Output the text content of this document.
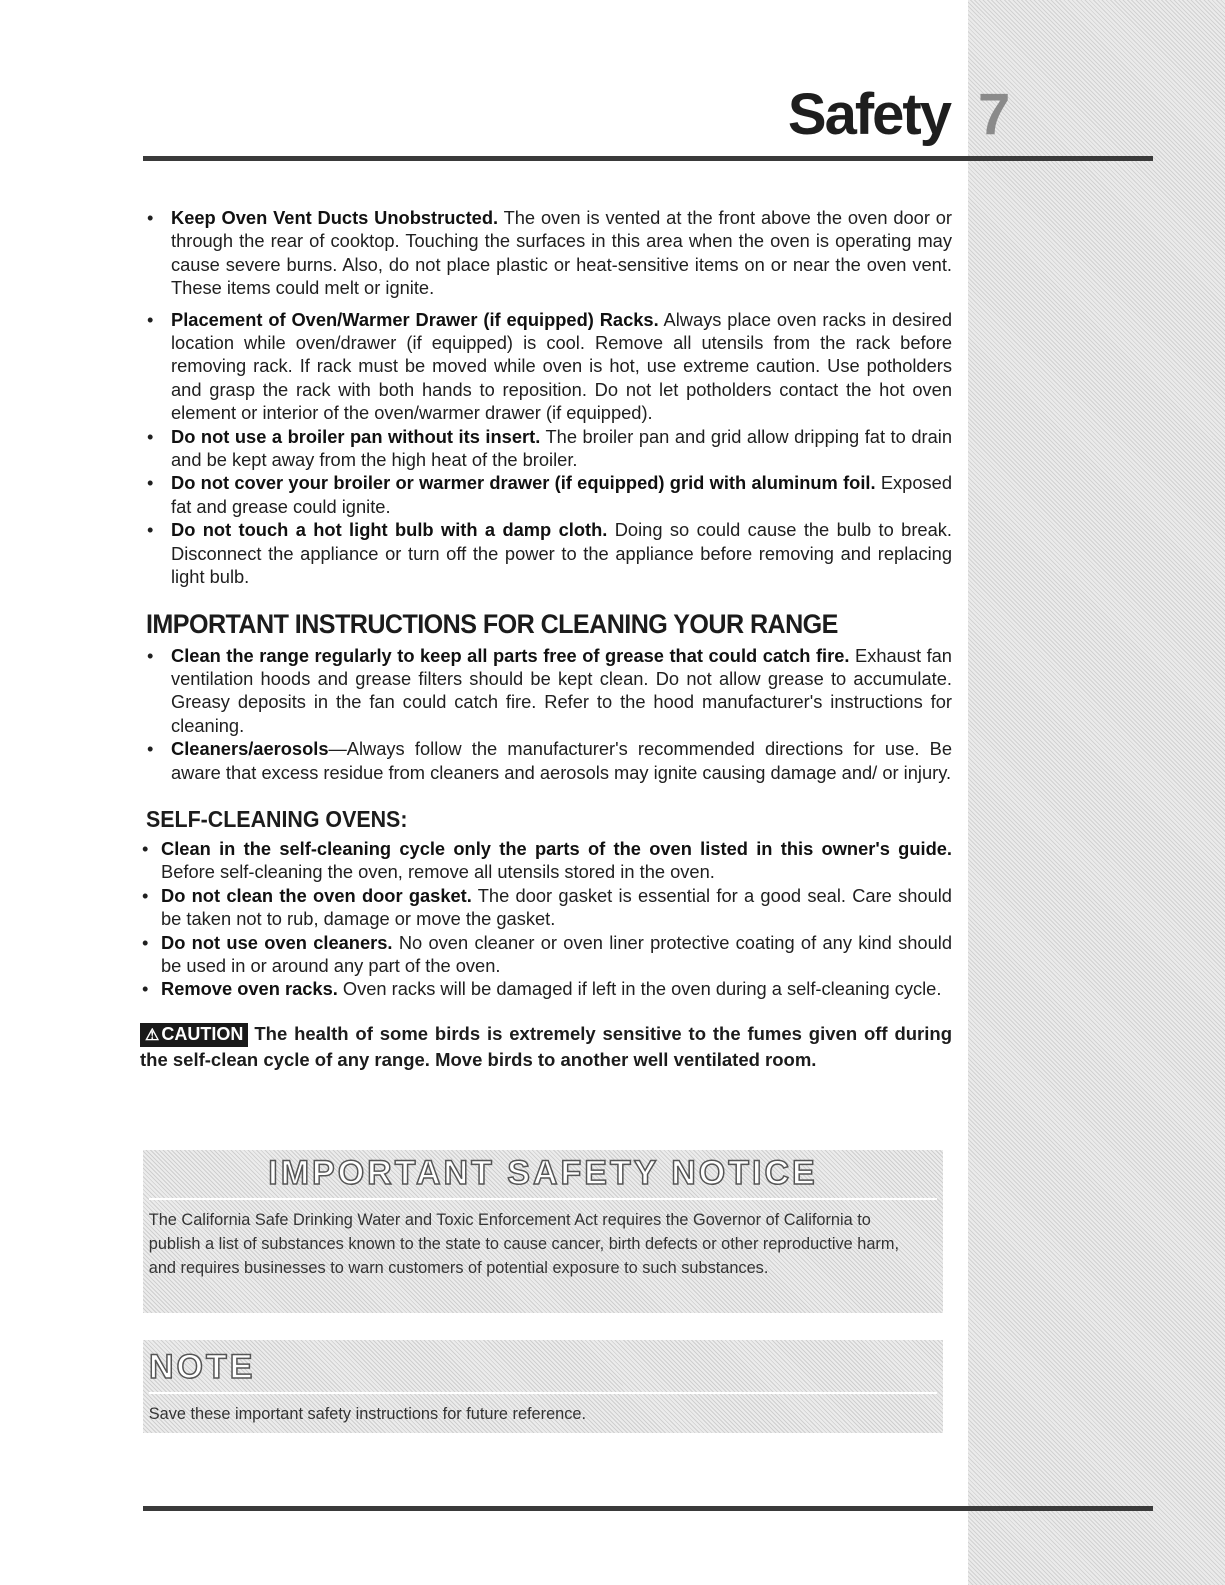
Safety 7
• Keep Oven Vent Ducts Unobstructed. The oven is vented at the front above the oven door or through the rear of cooktop. Touching the surfaces in this area when the oven is operating may cause severe burns. Also, do not place plastic or heat-sensitive items on or near the oven vent. These items could melt or ignite.
• Placement of Oven/Warmer Drawer (if equipped) Racks. Always place oven racks in desired location while oven/drawer (if equipped) is cool. Remove all utensils from the rack before removing rack. If rack must be moved while oven is hot, use extreme caution. Use potholders and grasp the rack with both hands to reposition. Do not let potholders contact the hot oven element or interior of the oven/warmer drawer (if equipped).
• Do not use a broiler pan without its insert. The broiler pan and grid allow dripping fat to drain and be kept away from the high heat of the broiler.
• Do not cover your broiler or warmer drawer (if equipped) grid with aluminum foil. Exposed fat and grease could ignite.
• Do not touch a hot light bulb with a damp cloth. Doing so could cause the bulb to break. Disconnect the appliance or turn off the power to the appliance before removing and replacing light bulb.
IMPORTANT INSTRUCTIONS FOR CLEANING YOUR RANGE
• Clean the range regularly to keep all parts free of grease that could catch fire. Exhaust fan ventilation hoods and grease filters should be kept clean. Do not allow grease to accumulate. Greasy deposits in the fan could catch fire. Refer to the hood manufacturer's instructions for cleaning.
• Cleaners/aerosols—Always follow the manufacturer's recommended directions for use. Be aware that excess residue from cleaners and aerosols may ignite causing damage and/ or injury.
SELF-CLEANING OVENS:
• Clean in the self-cleaning cycle only the parts of the oven listed in this owner's guide. Before self-cleaning the oven, remove all utensils stored in the oven.
• Do not clean the oven door gasket. The door gasket is essential for a good seal. Care should be taken not to rub, damage or move the gasket.
• Do not use oven cleaners. No oven cleaner or oven liner protective coating of any kind should be used in or around any part of the oven.
• Remove oven racks. Oven racks will be damaged if left in the oven during a self-cleaning cycle.
⚠ CAUTION The health of some birds is extremely sensitive to the fumes given off during the self-clean cycle of any range. Move birds to another well ventilated room.
IMPORTANT SAFETY NOTICE
The California Safe Drinking Water and Toxic Enforcement Act requires the Governor of California to publish a list of substances known to the state to cause cancer, birth defects or other reproductive harm, and requires businesses to warn customers of potential exposure to such substances.
NOTE
Save these important safety instructions for future reference.
